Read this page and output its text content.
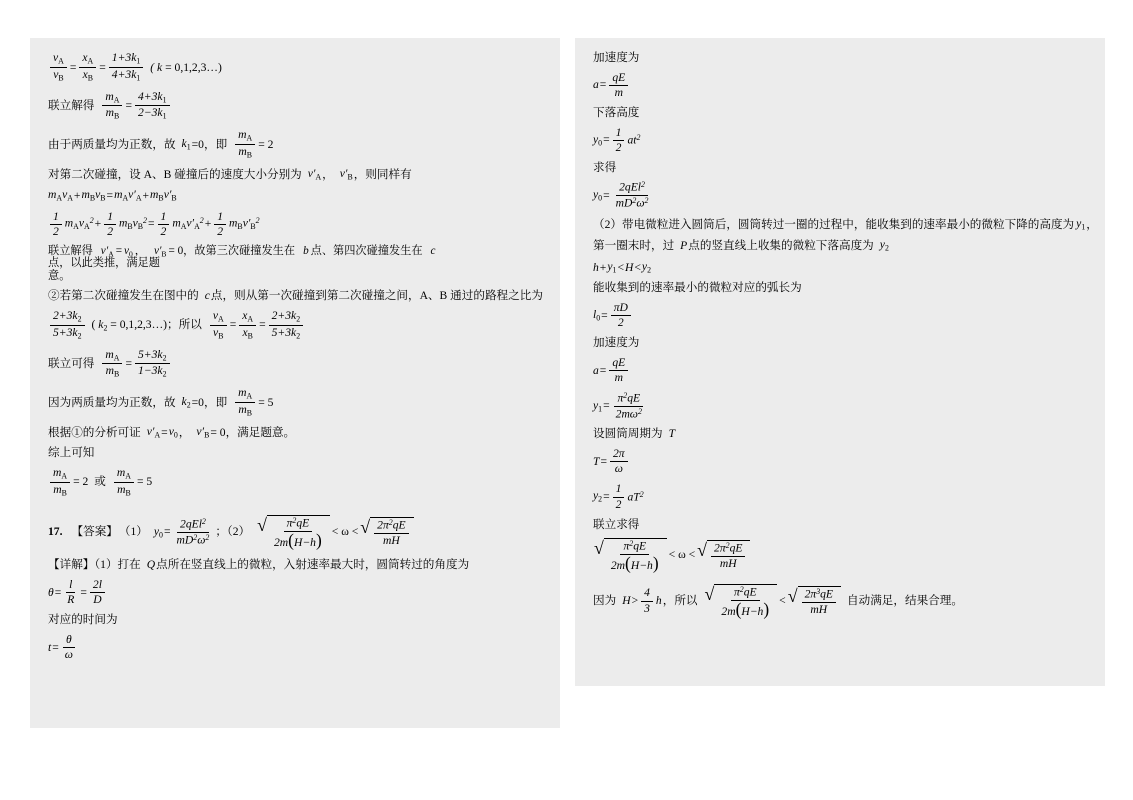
$\frac{v_A}{v_B} = \frac{x_A}{x_B} = \frac{1+3k_1}{4+3k_1}$ ( k = 0,1,2,3…)
联立解得 $\frac{m_A}{m_B} = \frac{4+3k_1}{2-3k_1}$
由于两质量均为正数，故 $k_1 =0$，即 $\frac{m_A}{m_B} = 2$
对第二次碰撞，设 A、B 碰撞后的速度大小分别为 $v'_A$ ， $v'_B$ ，则同样有
$m_Av_A + m_Bv_B = m_Av'_A + m_Bv'_B$
$\frac{1}{2} m_Av_A^2 + \frac{1}{2} m_Bv_B^2 = \frac{1}{2} m_Av'_A^2 + \frac{1}{2} m_Bv'_B^2$
联立解得 $v'_A = v_0$ ， $v'_B = 0$，故第三次碰撞发生在 b 点、第四次碰撞发生在 c
点，以此类推，满足题
意。
②若第二次碰撞发生在图中的 c 点，则从第一次碰撞到第二次碰撞之间，A、B 通过的路程之比为
$\frac{2+3k_2}{5+3k_2}$ ( $k_2$ = 0,1,2,3…)；所以 $\frac{v_A}{v_B} = \frac{x_A}{x_B} = \frac{2+3k_2}{5+3k_2}$
联立可得 $\frac{m_A}{m_B} = \frac{5+3k_2}{1-3k_2}$
因为两质量均为正数，故 $k_2 =0$，即 $\frac{m_A}{m_B} = 5$
根据①的分析可证 $v'_A = v_0$ ， $v'_B = 0$，满足题意。
综上可知
$\frac{m_A}{m_B} = 2$ 或 $\frac{m_A}{m_B} = 5$
17. 【答案】 （1） $y_0 = \frac{2qEl^2}{mD^2\omega^2}$ ；（2） √ $\frac{\pi^2qE}{2m(H-h)} < \omega$ < √ $\frac{2\pi^2qE}{mH}$
【详解】（1）打在 Q 点所在竖直线上的微粒，入射速率最大时，圆筒转过的角度为
$\theta = \frac{l}{R} = \frac{2l}{D}$
对应的时间为
$t = \frac{\theta}{\omega}$
加速度为
$a = \frac{qE}{m}$
下落高度
$y_0 = \frac{1}{2} at^2$
求得
$y_0 = \frac{2qEl^2}{mD^2\omega^2}$
（2）带电微粒进入圆筒后，圆筒转过一圈的过程中，能收集到的速率最小的微粒下降的高度为 $y_1$ ，
第一圈末时，过 P 点的竖直线上收集的微粒下落高度为 $y_2$
$h + y_1 < H < y_2$
能收集到的速率最小的微粒对应的弧长为
$l_0 = \frac{\pi D}{2}$
加速度为
$a = \frac{qE}{m}$
$y_1 = \frac{\pi^2qE}{2m\omega^2}$
设圆筒周期为 T
$T = \frac{2\pi}{\omega}$
$y_2 = \frac{1}{2} aT^2$
联立求得
√ $\frac{\pi^2qE}{2m(H-h)} < \omega$ < √ $\frac{2\pi^2qE}{mH}$
因为 $H > \frac{4}{3}$ h ，所以 √ $\frac{\pi^2qE}{2m(H-h)}$ < √ $\frac{2\pi^3qE}{mH}$ 自动满足，结果合理。
